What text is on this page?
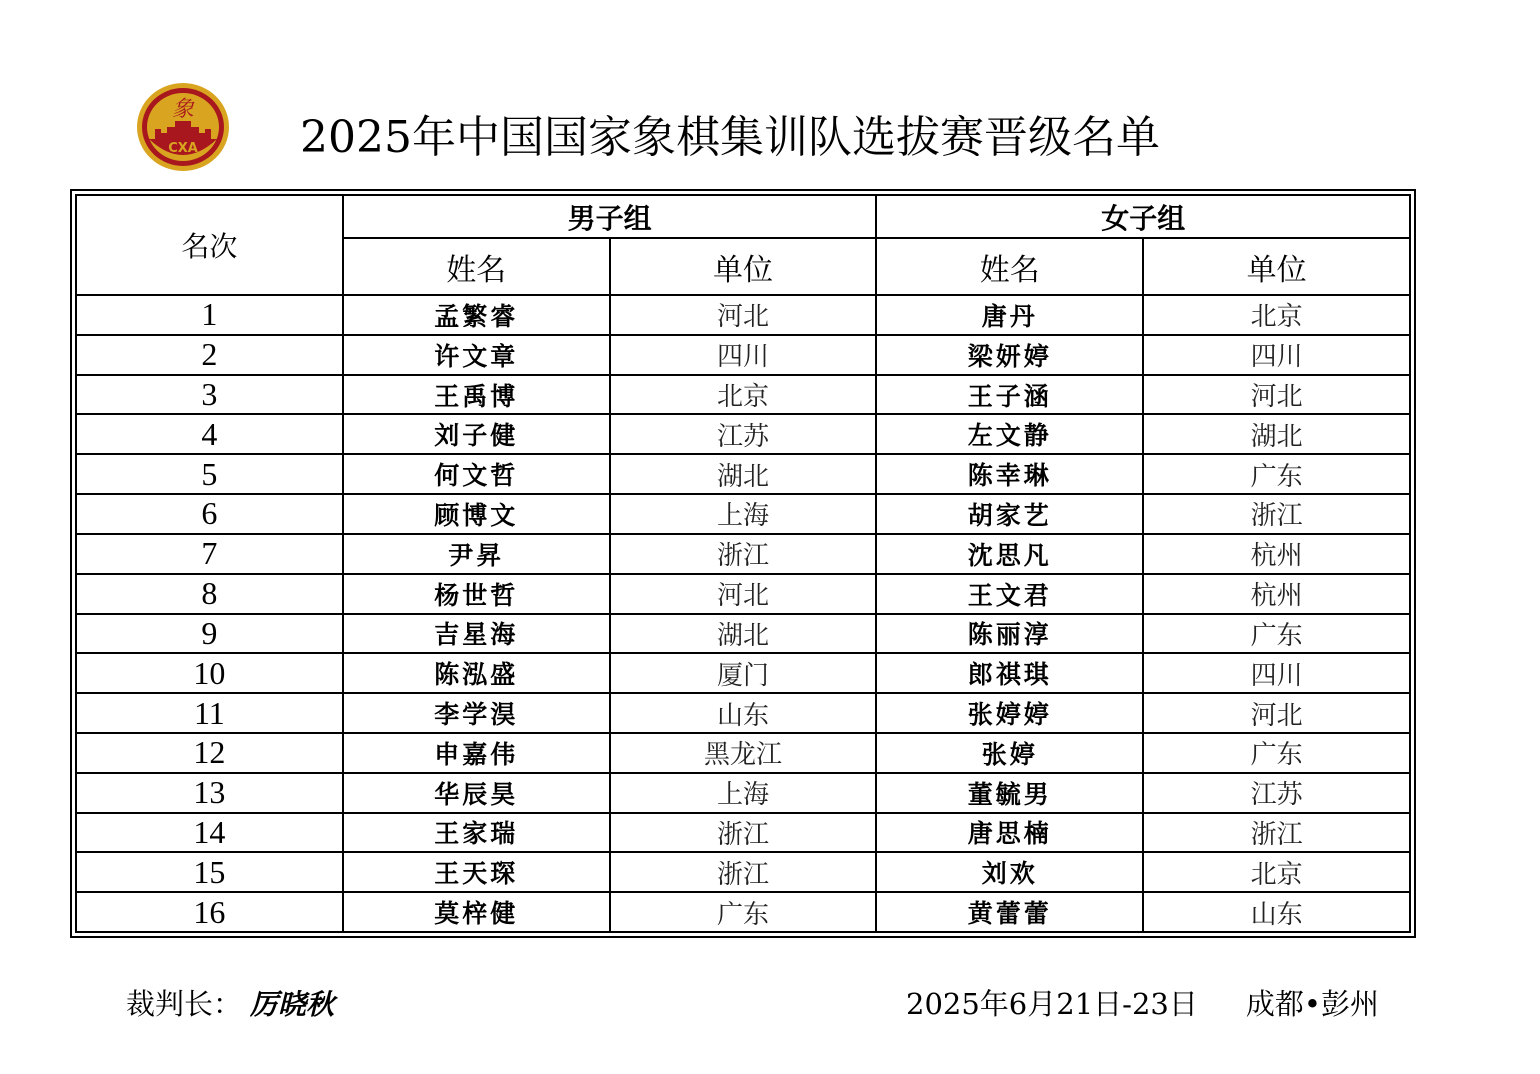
象
CXA 2025年中国国家象棋集训队选拔赛晋级名单
名次	男子组		女子组	
	姓名	单位	姓名	单位
1	孟繁睿	河北	唐丹	北京
2	许文章	四川	梁妍婷	四川
3	王禹博	北京	王子涵	河北
4	刘子健	江苏	左文静	湖北
5	何文哲	湖北	陈幸琳	广东
6	顾博文	上海	胡家艺	浙江
7	尹昇	浙江	沈思凡	杭州
8	杨世哲	河北	王文君	杭州
9	吉星海	湖北	陈丽淳	广东
10	陈泓盛	厦门	郎祺琪	四川
11	李学淏	山东	张婷婷	河北
12	申嘉伟	黑龙江	张婷	广东
13	华辰昊	上海	董毓男	江苏
14	王家瑞	浙江	唐思楠	浙江
15	王天琛	浙江	刘欢	北京
16	莫梓健	广东	黄蕾蕾	山东
裁判长： 厉晓秋	2025年6月21日-23日 成都•彭州
